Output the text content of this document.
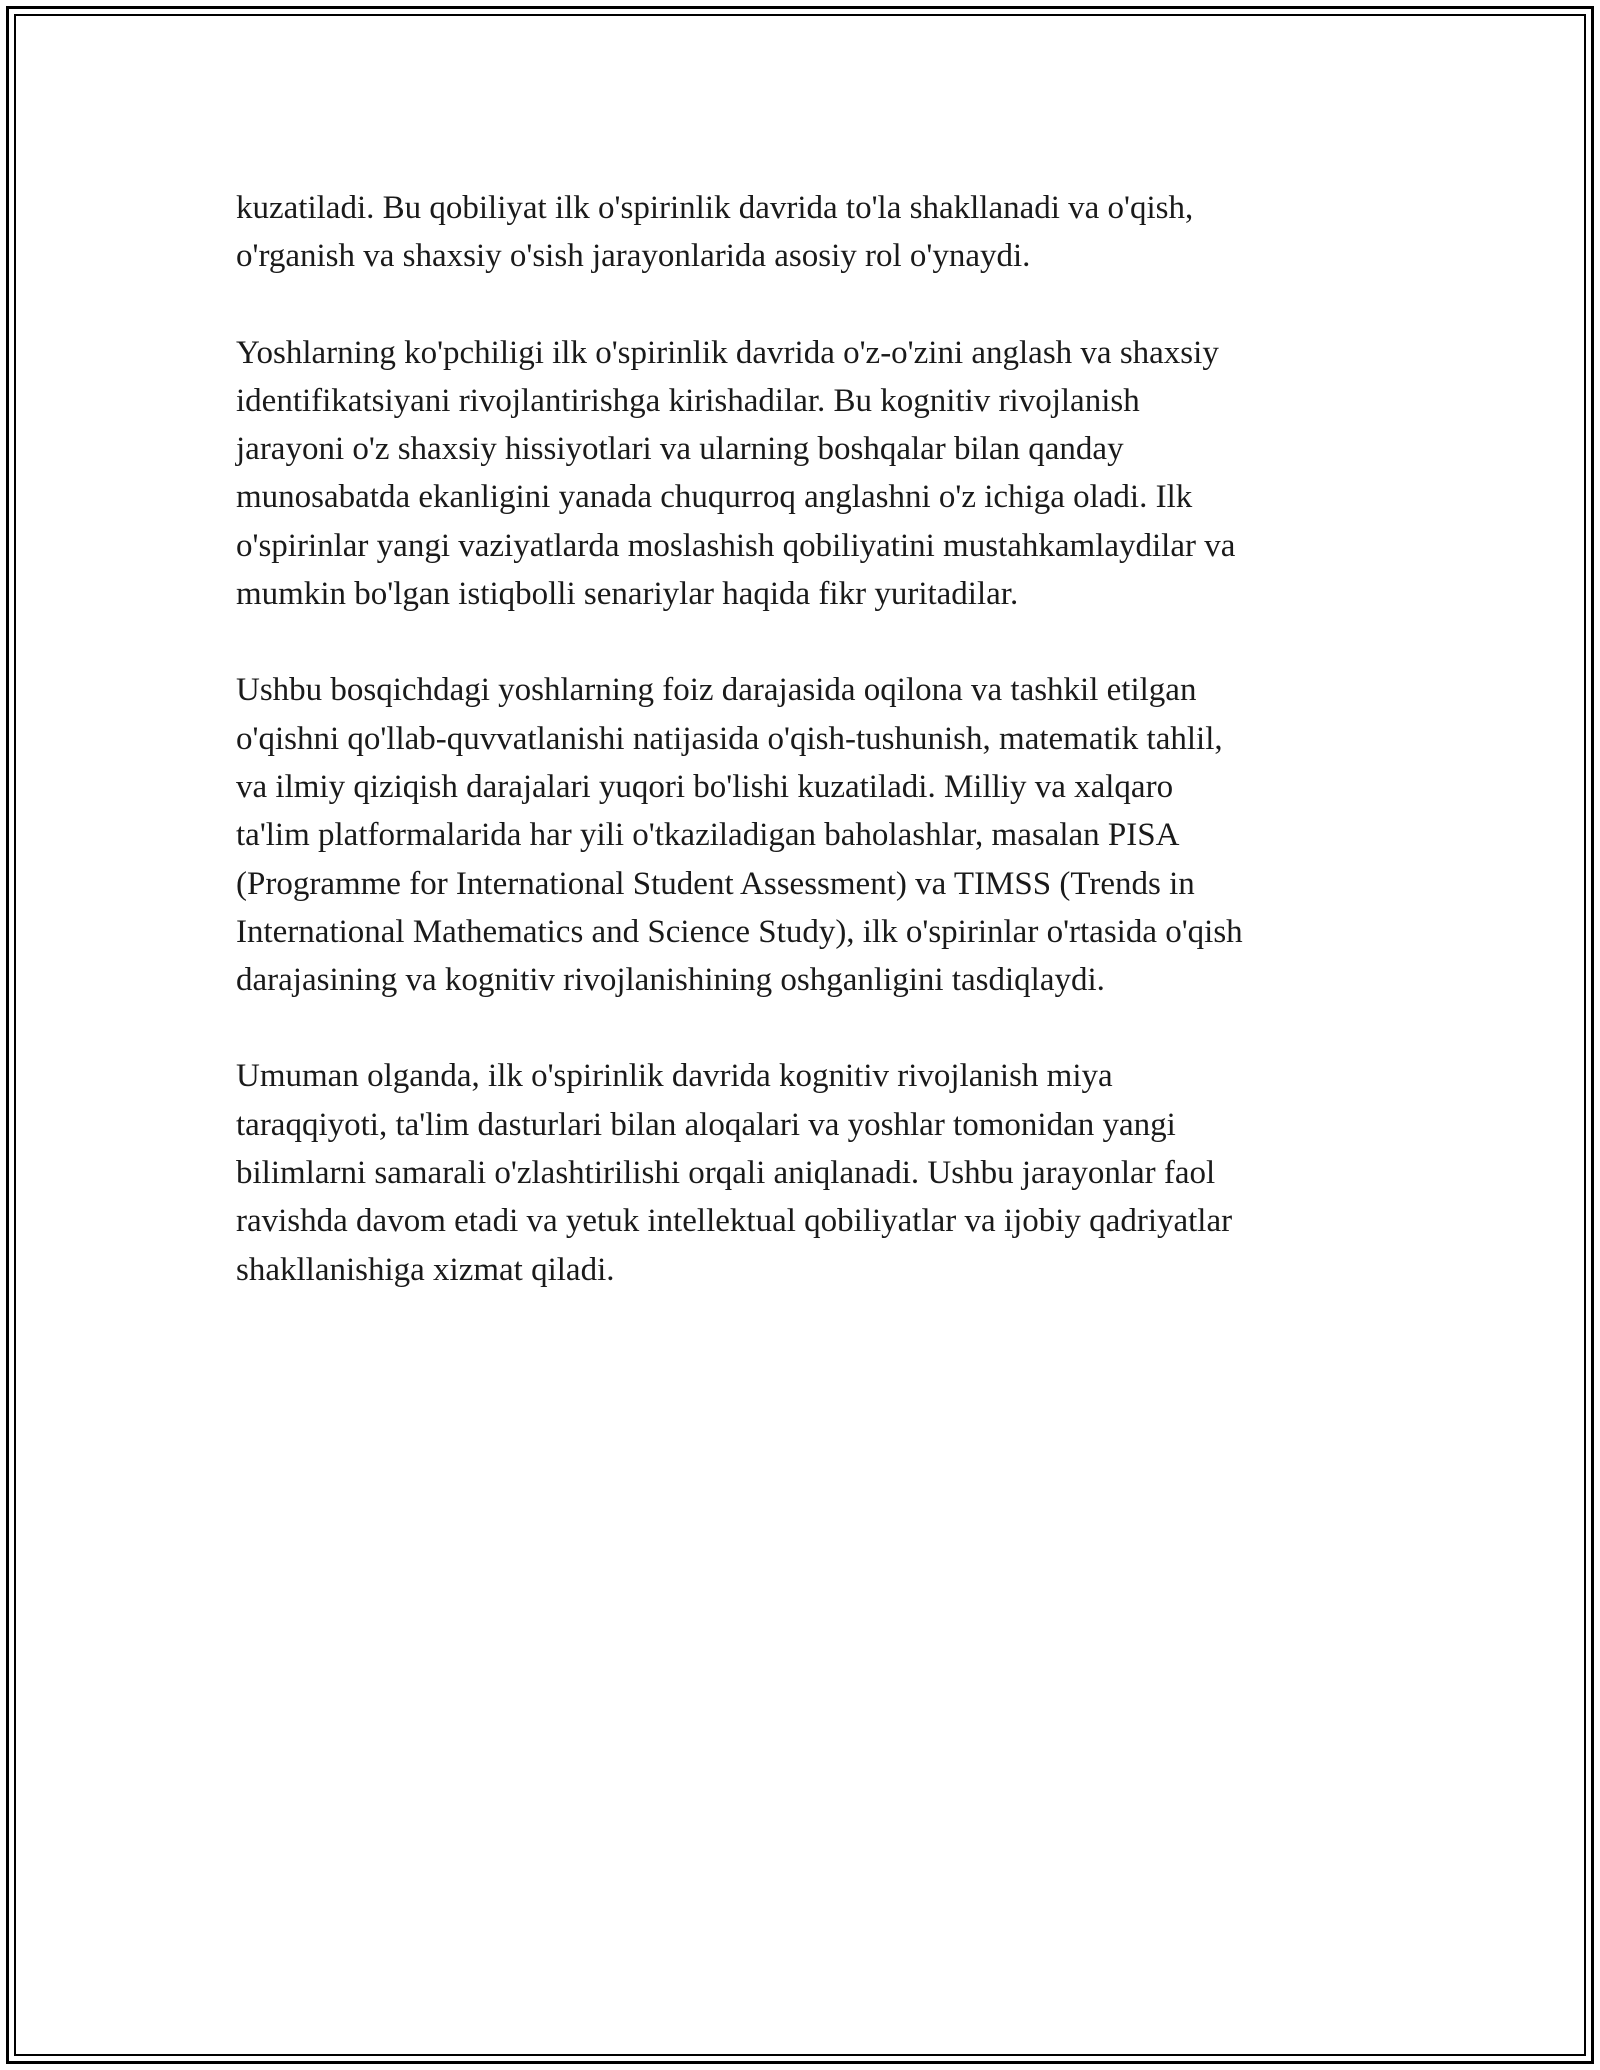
kuzatiladi. Bu qobiliyat ilk o'spirinlik davrida to'la shakllanadi va o'qish,
o'rganish va shaxsiy o'sish jarayonlarida asosiy rol o'ynaydi.

Yoshlarning ko'pchiligi ilk o'spirinlik davrida o'z-o'zini anglash va shaxsiy
identifikatsiyani rivojlantirishga kirishadilar. Bu kognitiv rivojlanish
jarayoni o'z shaxsiy hissiyotlari va ularning boshqalar bilan qanday
munosabatda ekanligini yanada chuqurroq anglashni o'z ichiga oladi. Ilk
o'spirinlar yangi vaziyatlarda moslashish qobiliyatini mustahkamlaydilar va
mumkin bo'lgan istiqbolli senariylar haqida fikr yuritadilar.

Ushbu bosqichdagi yoshlarning foiz darajasida oqilona va tashkil etilgan
o'qishni qo'llab-quvvatlanishi natijasida o'qish-tushunish, matematik tahlil,
va ilmiy qiziqish darajalari yuqori bo'lishi kuzatiladi. Milliy va xalqaro
ta'lim platformalarida har yili o'tkaziladigan baholashlar, masalan PISA
(Programme for International Student Assessment) va TIMSS (Trends in
International Mathematics and Science Study), ilk o'spirinlar o'rtasida o'qish
darajasining va kognitiv rivojlanishining oshganligini tasdiqlaydi.

Umuman olganda, ilk o'spirinlik davrida kognitiv rivojlanish miya
taraqqiyoti, ta'lim dasturlari bilan aloqalari va yoshlar tomonidan yangi
bilimlarni samarali o'zlashtirilishi orqali aniqlanadi. Ushbu jarayonlar faol
ravishda davom etadi va yetuk intellektual qobiliyatlar va ijobiy qadriyatlar
shakllanishiga xizmat qiladi.
